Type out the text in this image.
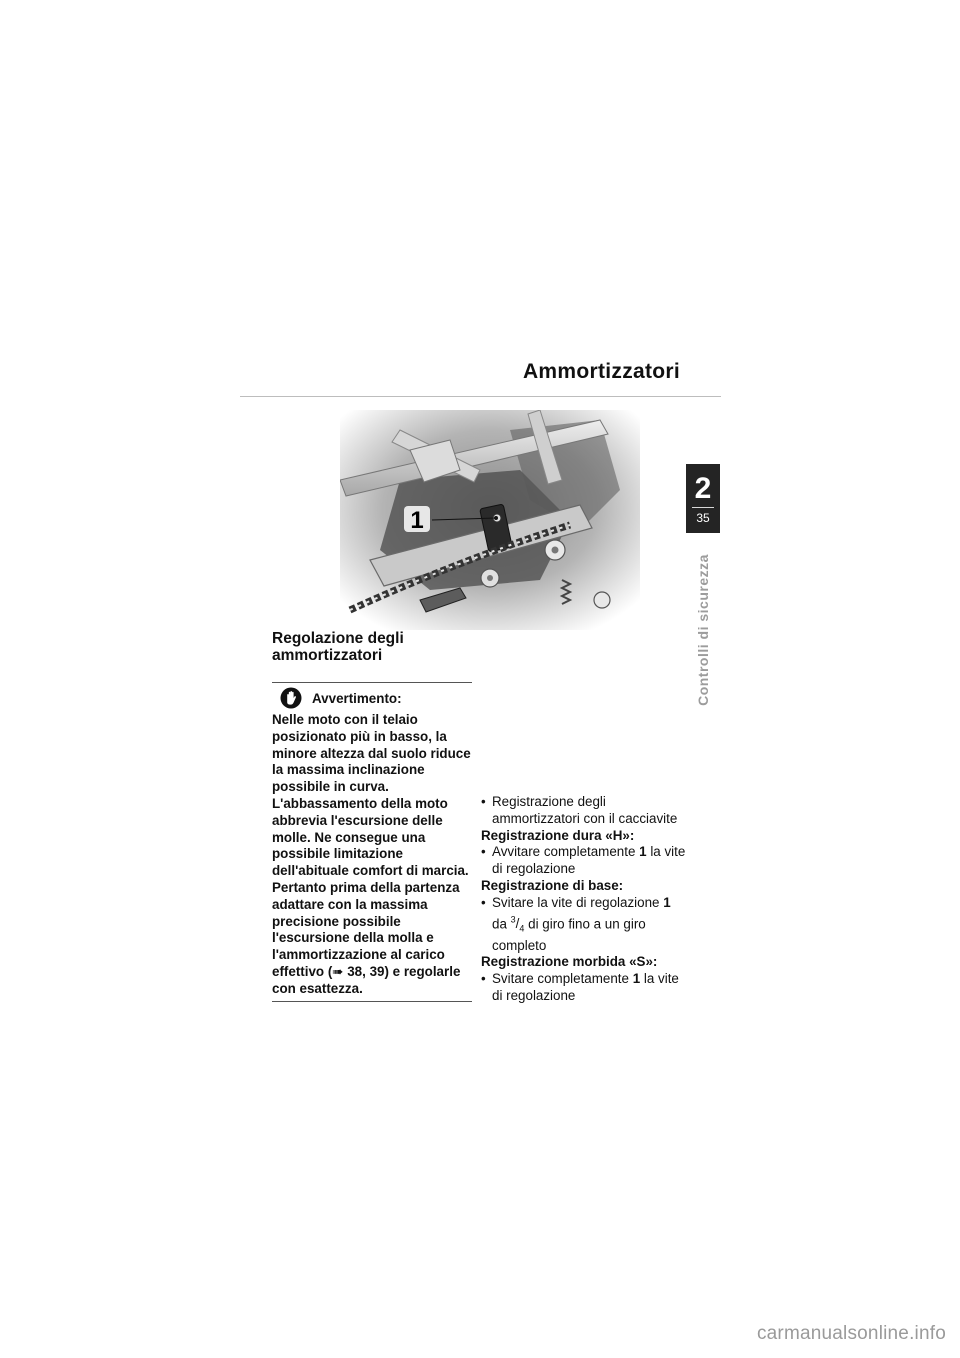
Ammortizzatori
2
35
Controlli di sicurezza
1
Regolazione degli ammortizzatori
Avvertimento:

Nelle moto con il telaio posizionato più in basso, la minore altezza dal suolo riduce la massima inclinazione possibile in curva.

L'abbassamento della moto abbrevia l'escursione delle molle. Ne consegue una possibile limitazione dell'abituale comfort di marcia.

Pertanto prima della partenza adattare con la massima precisione possibile l'escursione della molla e l'ammortizzazione al carico effettivo (➠ 38, 39) e regolarle con esattezza.

• Registrazione degli ammortizzatori con il cacciavite

Registrazione dura «H»:

• Avvitare completamente 1 la vite di regolazione

Registrazione di base:

• Svitare la vite di regolazione 1 da $^3/_4$ di giro fino a un giro completo

Registrazione morbida «S»:

• Svitare completamente 1 la vite di regolazione

carmanualsonline.info
